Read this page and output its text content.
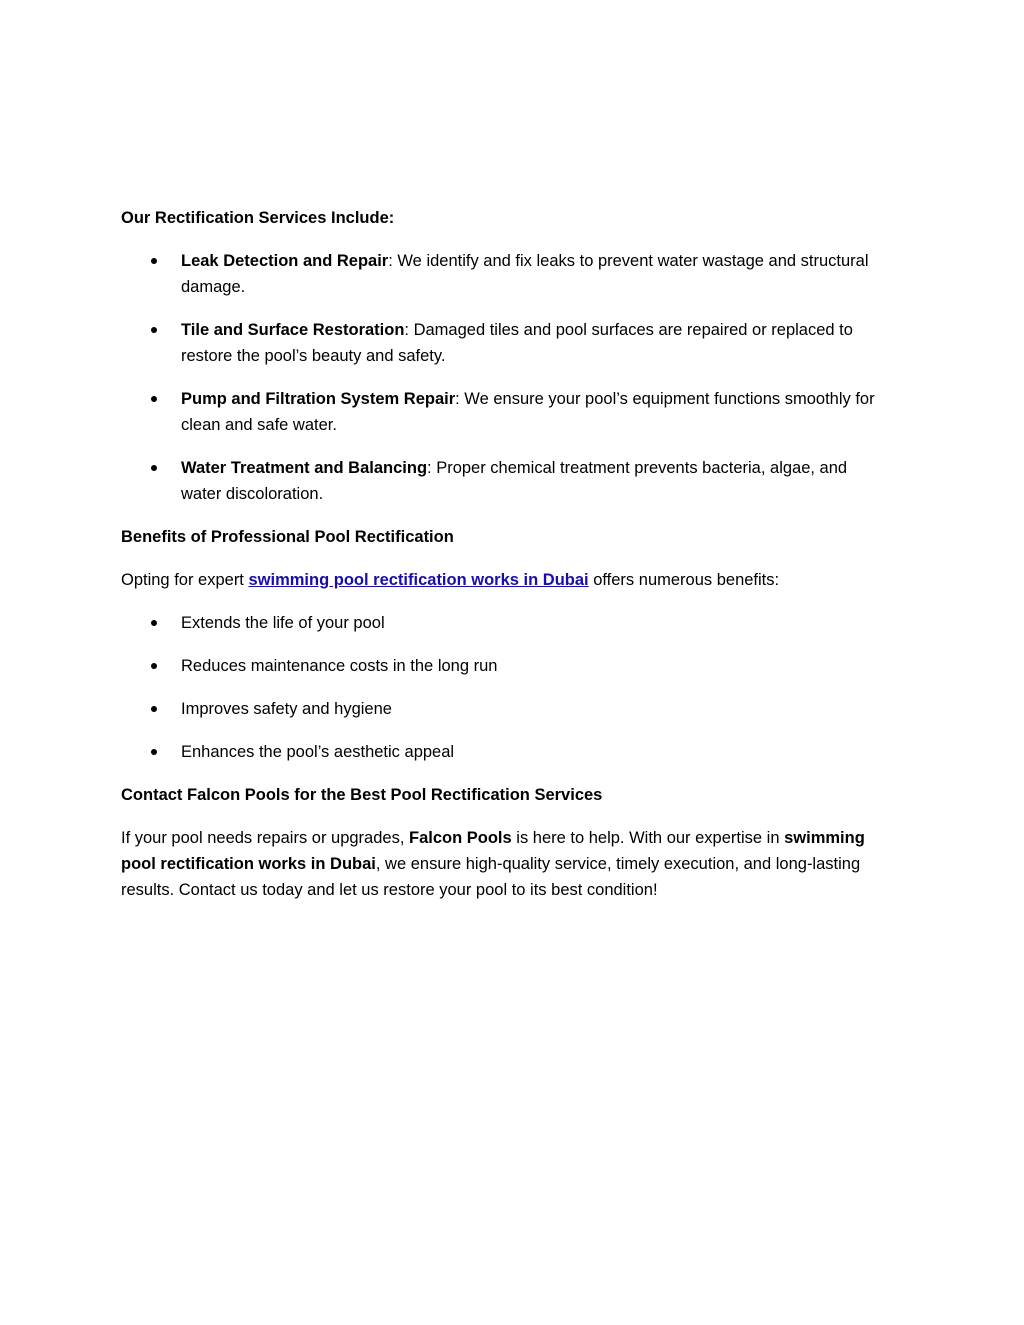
Our Rectification Services Include:
Leak Detection and Repair: We identify and fix leaks to prevent water wastage and structural damage.
Tile and Surface Restoration: Damaged tiles and pool surfaces are repaired or replaced to restore the pool’s beauty and safety.
Pump and Filtration System Repair: We ensure your pool’s equipment functions smoothly for clean and safe water.
Water Treatment and Balancing: Proper chemical treatment prevents bacteria, algae, and water discoloration.
Benefits of Professional Pool Rectification
Opting for expert swimming pool rectification works in Dubai offers numerous benefits:
Extends the life of your pool
Reduces maintenance costs in the long run
Improves safety and hygiene
Enhances the pool’s aesthetic appeal
Contact Falcon Pools for the Best Pool Rectification Services
If your pool needs repairs or upgrades, Falcon Pools is here to help. With our expertise in swimming pool rectification works in Dubai, we ensure high-quality service, timely execution, and long-lasting results. Contact us today and let us restore your pool to its best condition!
